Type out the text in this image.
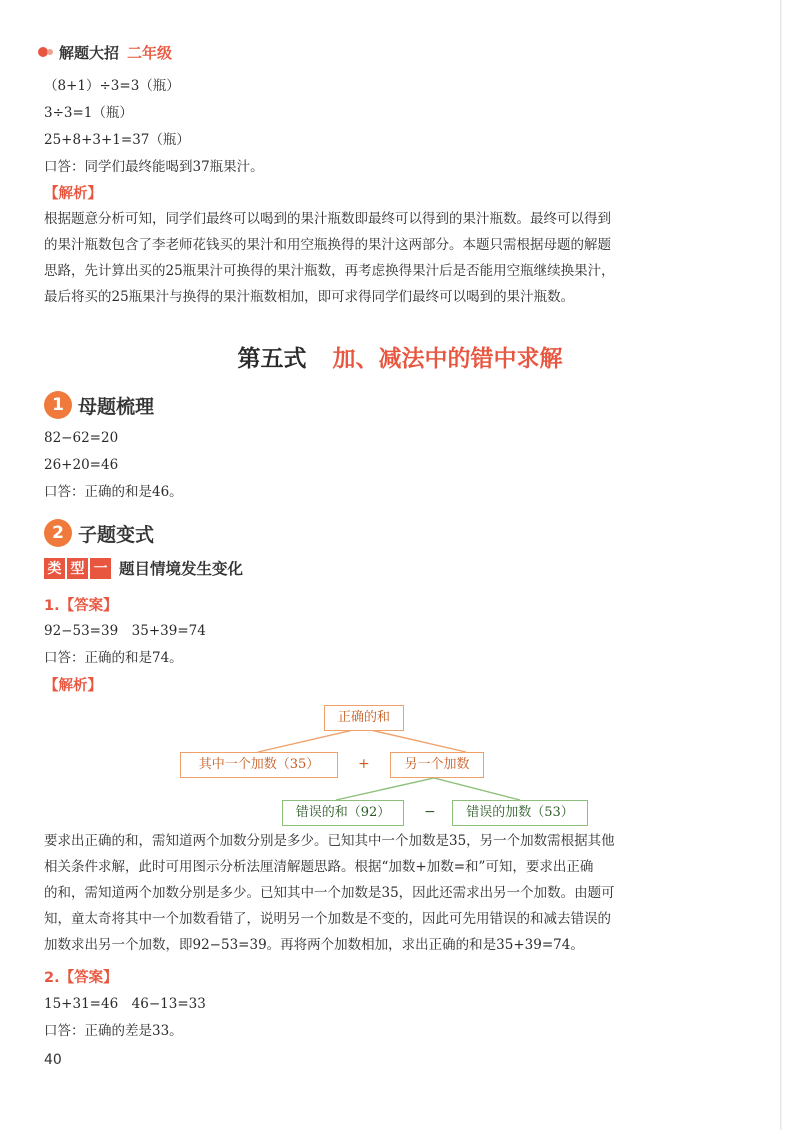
解题大招 二年级
（8+1）÷3=3（瓶）
3÷3=1（瓶）
25+8+3+1=37（瓶）
口答：同学们最终能喝到37瓶果汁。
【解析】
根据题意分析可知，同学们最终可以喝到的果汁瓶数即最终可以得到的果汁瓶数。最终可以得到
的果汁瓶数包含了李老师花钱买的果汁和用空瓶换得的果汁这两部分。本题只需根据母题的解题
思路，先计算出买的25瓶果汁可换得的果汁瓶数，再考虑换得果汁后是否能用空瓶继续换果汁，
最后将买的25瓶果汁与换得的果汁瓶数相加，即可求得同学们最终可以喝到的果汁瓶数。
第五式 加、减法中的错中求解
1 母题梳理
82−62=20
26+20=46
口答：正确的和是46。
2 子题变式
类 型 一 题目情境发生变化
1.【答案】
92−53=39　35+39=74
口答：正确的和是74。
【解析】
正确的和
其中一个加数（35）	+	另一个加数
错误的和（92）	−	错误的加数（53）
要求出正确的和，需知道两个加数分别是多少。已知其中一个加数是35，另一个加数需根据其他
相关条件求解，此时可用图示分析法厘清解题思路。根据“加数+加数=和”可知，要求出正确
的和，需知道两个加数分别是多少。已知其中一个加数是35，因此还需求出另一个加数。由题可
知，童太奇将其中一个加数看错了，说明另一个加数是不变的，因此可先用错误的和减去错误的
加数求出另一个加数，即92−53=39。再将两个加数相加，求出正确的和是35+39=74。
2.【答案】
15+31=46　46−13=33
口答：正确的差是33。
40
